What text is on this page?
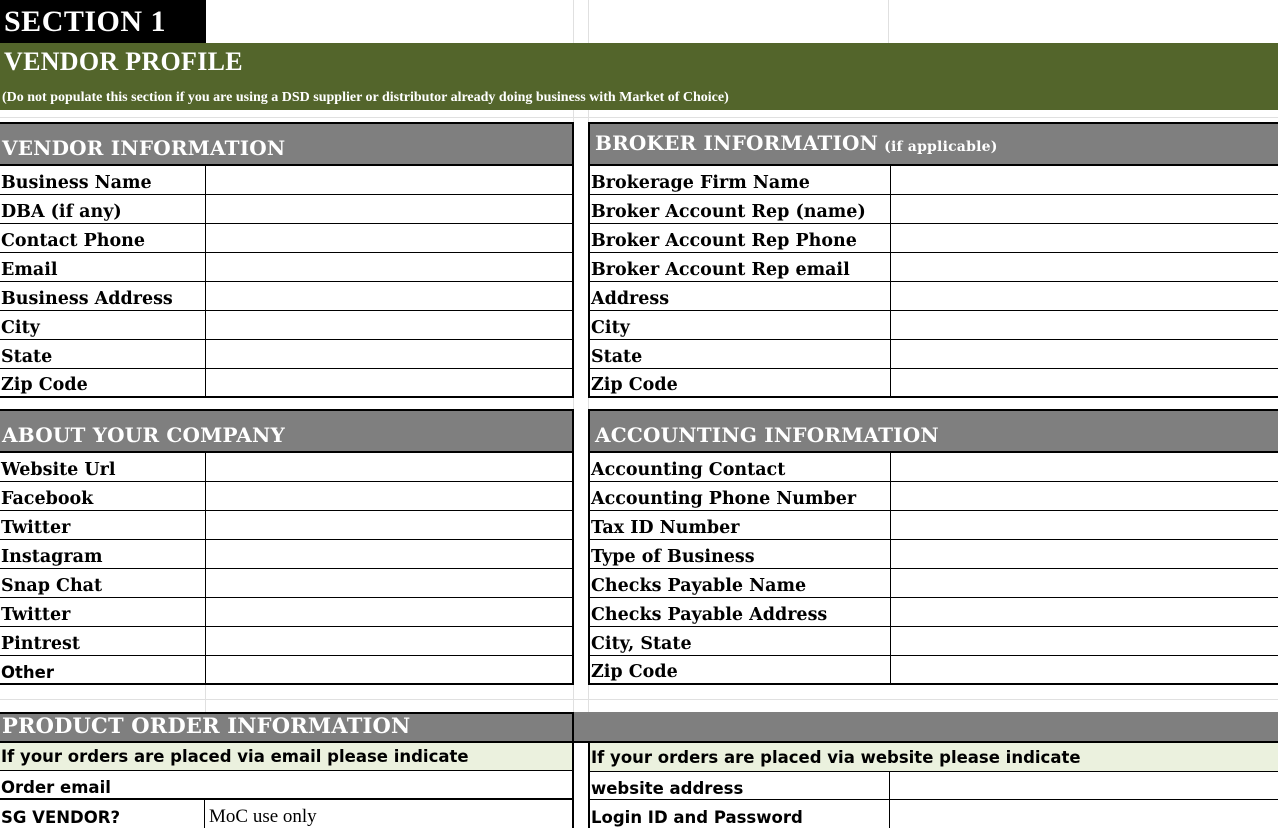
SECTION 1
VENDOR PROFILE
(Do not populate this section if you are using a DSD supplier or distributor already doing business with Market of Choice)
VENDOR INFORMATION
Business Name
DBA (if any)
Contact Phone
Email
Business Address
City
State
Zip Code
BROKER INFORMATION (if applicable)
Brokerage Firm Name
Broker Account Rep (name)
Broker Account Rep Phone
Broker Account Rep email
Address
City
State
Zip Code
ABOUT YOUR COMPANY
Website Url
Facebook
Twitter
Instagram
Snap Chat
Twitter
Pintrest
Other
ACCOUNTING INFORMATION
Accounting Contact
Accounting Phone Number
Tax ID Number
Type of Business
Checks Payable Name
Checks Payable Address
City, State
Zip Code
PRODUCT ORDER INFORMATION
If your orders are placed via email please indicate	If your orders are placed via website please indicate
Order email
SG VENDOR?	MoC use only
website address
Login ID and Password
